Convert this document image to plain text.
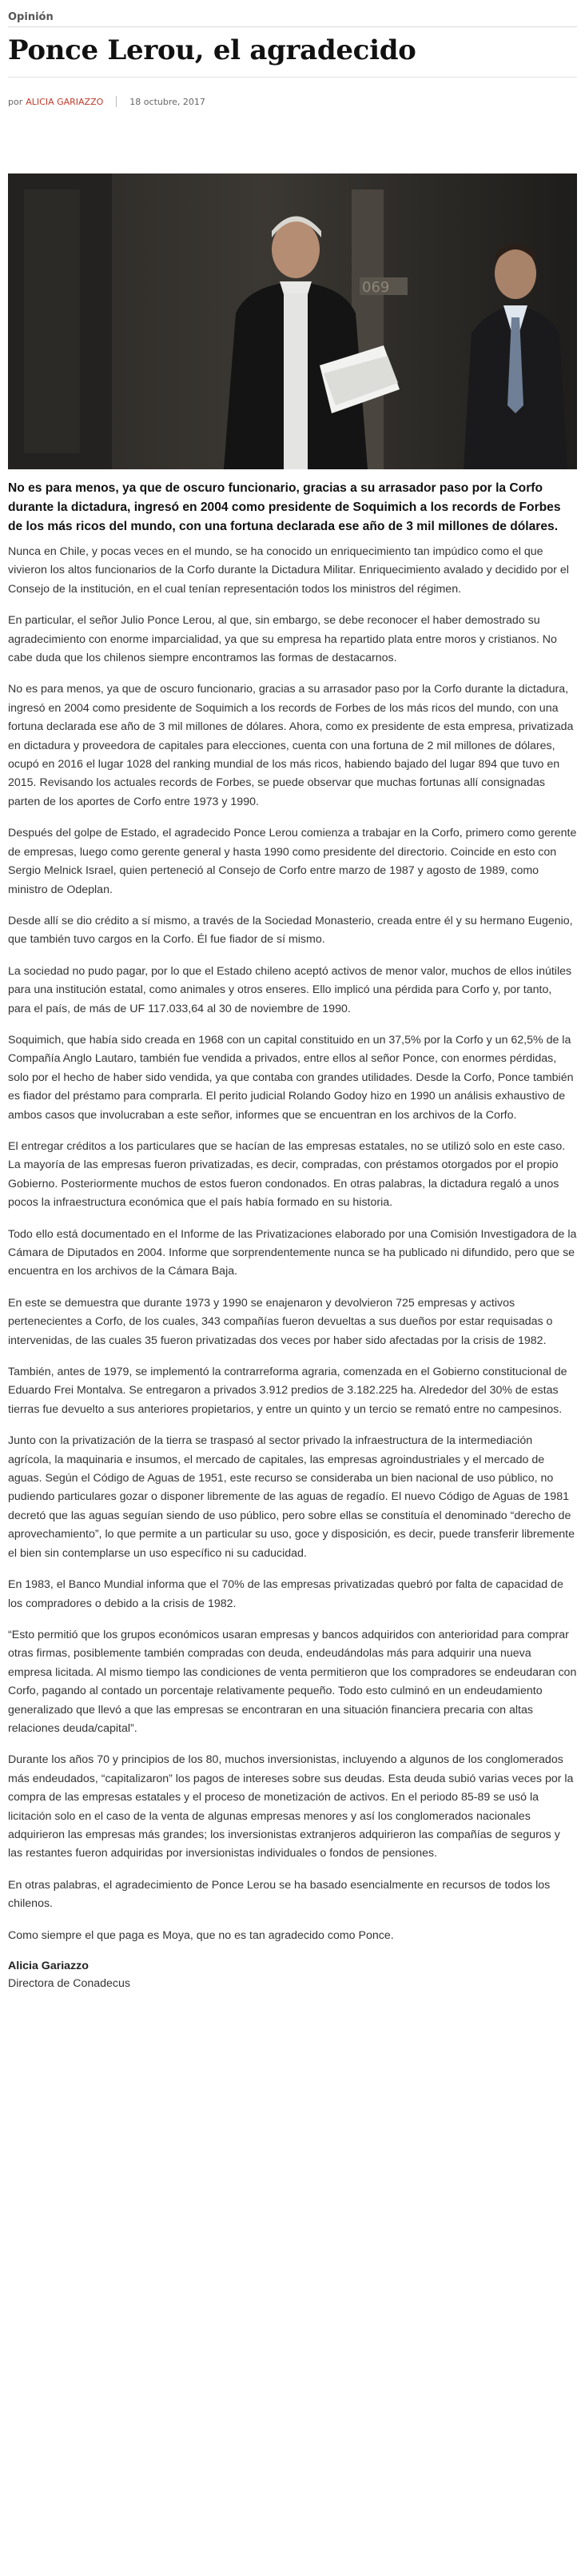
Opinión
Ponce Lerou, el agradecido
por ALICIA GARIAZZO	18 octubre, 2017
069

No es para menos, ya que de oscuro funcionario, gracias a su arrasador paso por la Corfo durante la dictadura, ingresó en 2004 como presidente de Soquimich a los records de Forbes de los más ricos del mundo, con una fortuna declarada ese año de 3 mil millones de dólares.

Nunca en Chile, y pocas veces en el mundo, se ha conocido un enriquecimiento tan impúdico como el que vivieron los altos funcionarios de la Corfo durante la Dictadura Militar. Enriquecimiento avalado y decidido por el Consejo de la institución, en el cual tenían representación todos los ministros del régimen.

En particular, el señor Julio Ponce Lerou, al que, sin embargo, se debe reconocer el haber demostrado su agradecimiento con enorme imparcialidad, ya que su empresa ha repartido plata entre moros y cristianos. No cabe duda que los chilenos siempre encontramos las formas de destacarnos.

No es para menos, ya que de oscuro funcionario, gracias a su arrasador paso por la Corfo durante la dictadura, ingresó en 2004 como presidente de Soquimich a los records de Forbes de los más ricos del mundo, con una fortuna declarada ese año de 3 mil millones de dólares. Ahora, como ex presidente de esta empresa, privatizada en dictadura y proveedora de capitales para elecciones, cuenta con una fortuna de 2 mil millones de dólares, ocupó en 2016 el lugar 1028 del ranking mundial de los más ricos, habiendo bajado del lugar 894 que tuvo en 2015. Revisando los actuales records de Forbes, se puede observar que muchas fortunas allí consignadas parten de los aportes de Corfo entre 1973 y 1990.

Después del golpe de Estado, el agradecido Ponce Lerou comienza a trabajar en la Corfo, primero como gerente de empresas, luego como gerente general y hasta 1990 como presidente del directorio. Coincide en esto con Sergio Melnick Israel, quien perteneció al Consejo de Corfo entre marzo de 1987 y agosto de 1989, como ministro de Odeplan.

Desde allí se dio crédito a sí mismo, a través de la Sociedad Monasterio, creada entre él y su hermano Eugenio, que también tuvo cargos en la Corfo. Él fue fiador de sí mismo.

La sociedad no pudo pagar, por lo que el Estado chileno aceptó activos de menor valor, muchos de ellos inútiles para una institución estatal, como animales y otros enseres. Ello implicó una pérdida para Corfo y, por tanto, para el país, de más de UF 117.033,64 al 30 de noviembre de 1990.

Soquimich, que había sido creada en 1968 con un capital constituido en un 37,5% por la Corfo y un 62,5% de la Compañía Anglo Lautaro, también fue vendida a privados, entre ellos al señor Ponce, con enormes pérdidas, solo por el hecho de haber sido vendida, ya que contaba con grandes utilidades. Desde la Corfo, Ponce también es fiador del préstamo para comprarla. El perito judicial Rolando Godoy hizo en 1990 un análisis exhaustivo de ambos casos que involucraban a este señor, informes que se encuentran en los archivos de la Corfo.

El entregar créditos a los particulares que se hacían de las empresas estatales, no se utilizó solo en este caso. La mayoría de las empresas fueron privatizadas, es decir, compradas, con préstamos otorgados por el propio Gobierno. Posteriormente muchos de estos fueron condonados. En otras palabras, la dictadura regaló a unos pocos la infraestructura económica que el país había formado en su historia.

Todo ello está documentado en el Informe de las Privatizaciones elaborado por una Comisión Investigadora de la Cámara de Diputados en 2004. Informe que sorprendentemente nunca se ha publicado ni difundido, pero que se encuentra en los archivos de la Cámara Baja.

En este se demuestra que durante 1973 y 1990 se enajenaron y devolvieron 725 empresas y activos pertenecientes a Corfo, de los cuales, 343 compañías fueron devueltas a sus dueños por estar requisadas o intervenidas, de las cuales 35 fueron privatizadas dos veces por haber sido afectadas por la crisis de 1982.

También, antes de 1979, se implementó la contrarreforma agraria, comenzada en el Gobierno constitucional de Eduardo Frei Montalva. Se entregaron a privados 3.912 predios de 3.182.225 ha. Alrededor del 30% de estas tierras fue devuelto a sus anteriores propietarios, y entre un quinto y un tercio se remató entre no campesinos.

Junto con la privatización de la tierra se traspasó al sector privado la infraestructura de la intermediación agrícola, la maquinaria e insumos, el mercado de capitales, las empresas agroindustriales y el mercado de aguas. Según el Código de Aguas de 1951, este recurso se consideraba un bien nacional de uso público, no pudiendo particulares gozar o disponer libremente de las aguas de regadío. El nuevo Código de Aguas de 1981 decretó que las aguas seguían siendo de uso público, pero sobre ellas se constituía el denominado “derecho de aprovechamiento”, lo que permite a un particular su uso, goce y disposición, es decir, puede transferir libremente el bien sin contemplarse un uso específico ni su caducidad.

En 1983, el Banco Mundial informa que el 70% de las empresas privatizadas quebró por falta de capacidad de los compradores o debido a la crisis de 1982.

“Esto permitió que los grupos económicos usaran empresas y bancos adquiridos con anterioridad para comprar otras firmas, posiblemente también compradas con deuda, endeudándolas más para adquirir una nueva empresa licitada. Al mismo tiempo las condiciones de venta permitieron que los compradores se endeudaran con Corfo, pagando al contado un porcentaje relativamente pequeño. Todo esto culminó en un endeudamiento generalizado que llevó a que las empresas se encontraran en una situación financiera precaria con altas relaciones deuda/capital”.

Durante los años 70 y principios de los 80, muchos inversionistas, incluyendo a algunos de los conglomerados más endeudados, “capitalizaron” los pagos de intereses sobre sus deudas. Esta deuda subió varias veces por la compra de las empresas estatales y el proceso de monetización de activos. En el periodo 85-89 se usó la licitación solo en el caso de la venta de algunas empresas menores y así los conglomerados nacionales adquirieron las empresas más grandes; los inversionistas extranjeros adquirieron las compañías de seguros y las restantes fueron adquiridas por inversionistas individuales o fondos de pensiones.

En otras palabras, el agradecimiento de Ponce Lerou se ha basado esencialmente en recursos de todos los chilenos.

Como siempre el que paga es Moya, que no es tan agradecido como Ponce.

Alicia Gariazzo
Directora de Conadecus
